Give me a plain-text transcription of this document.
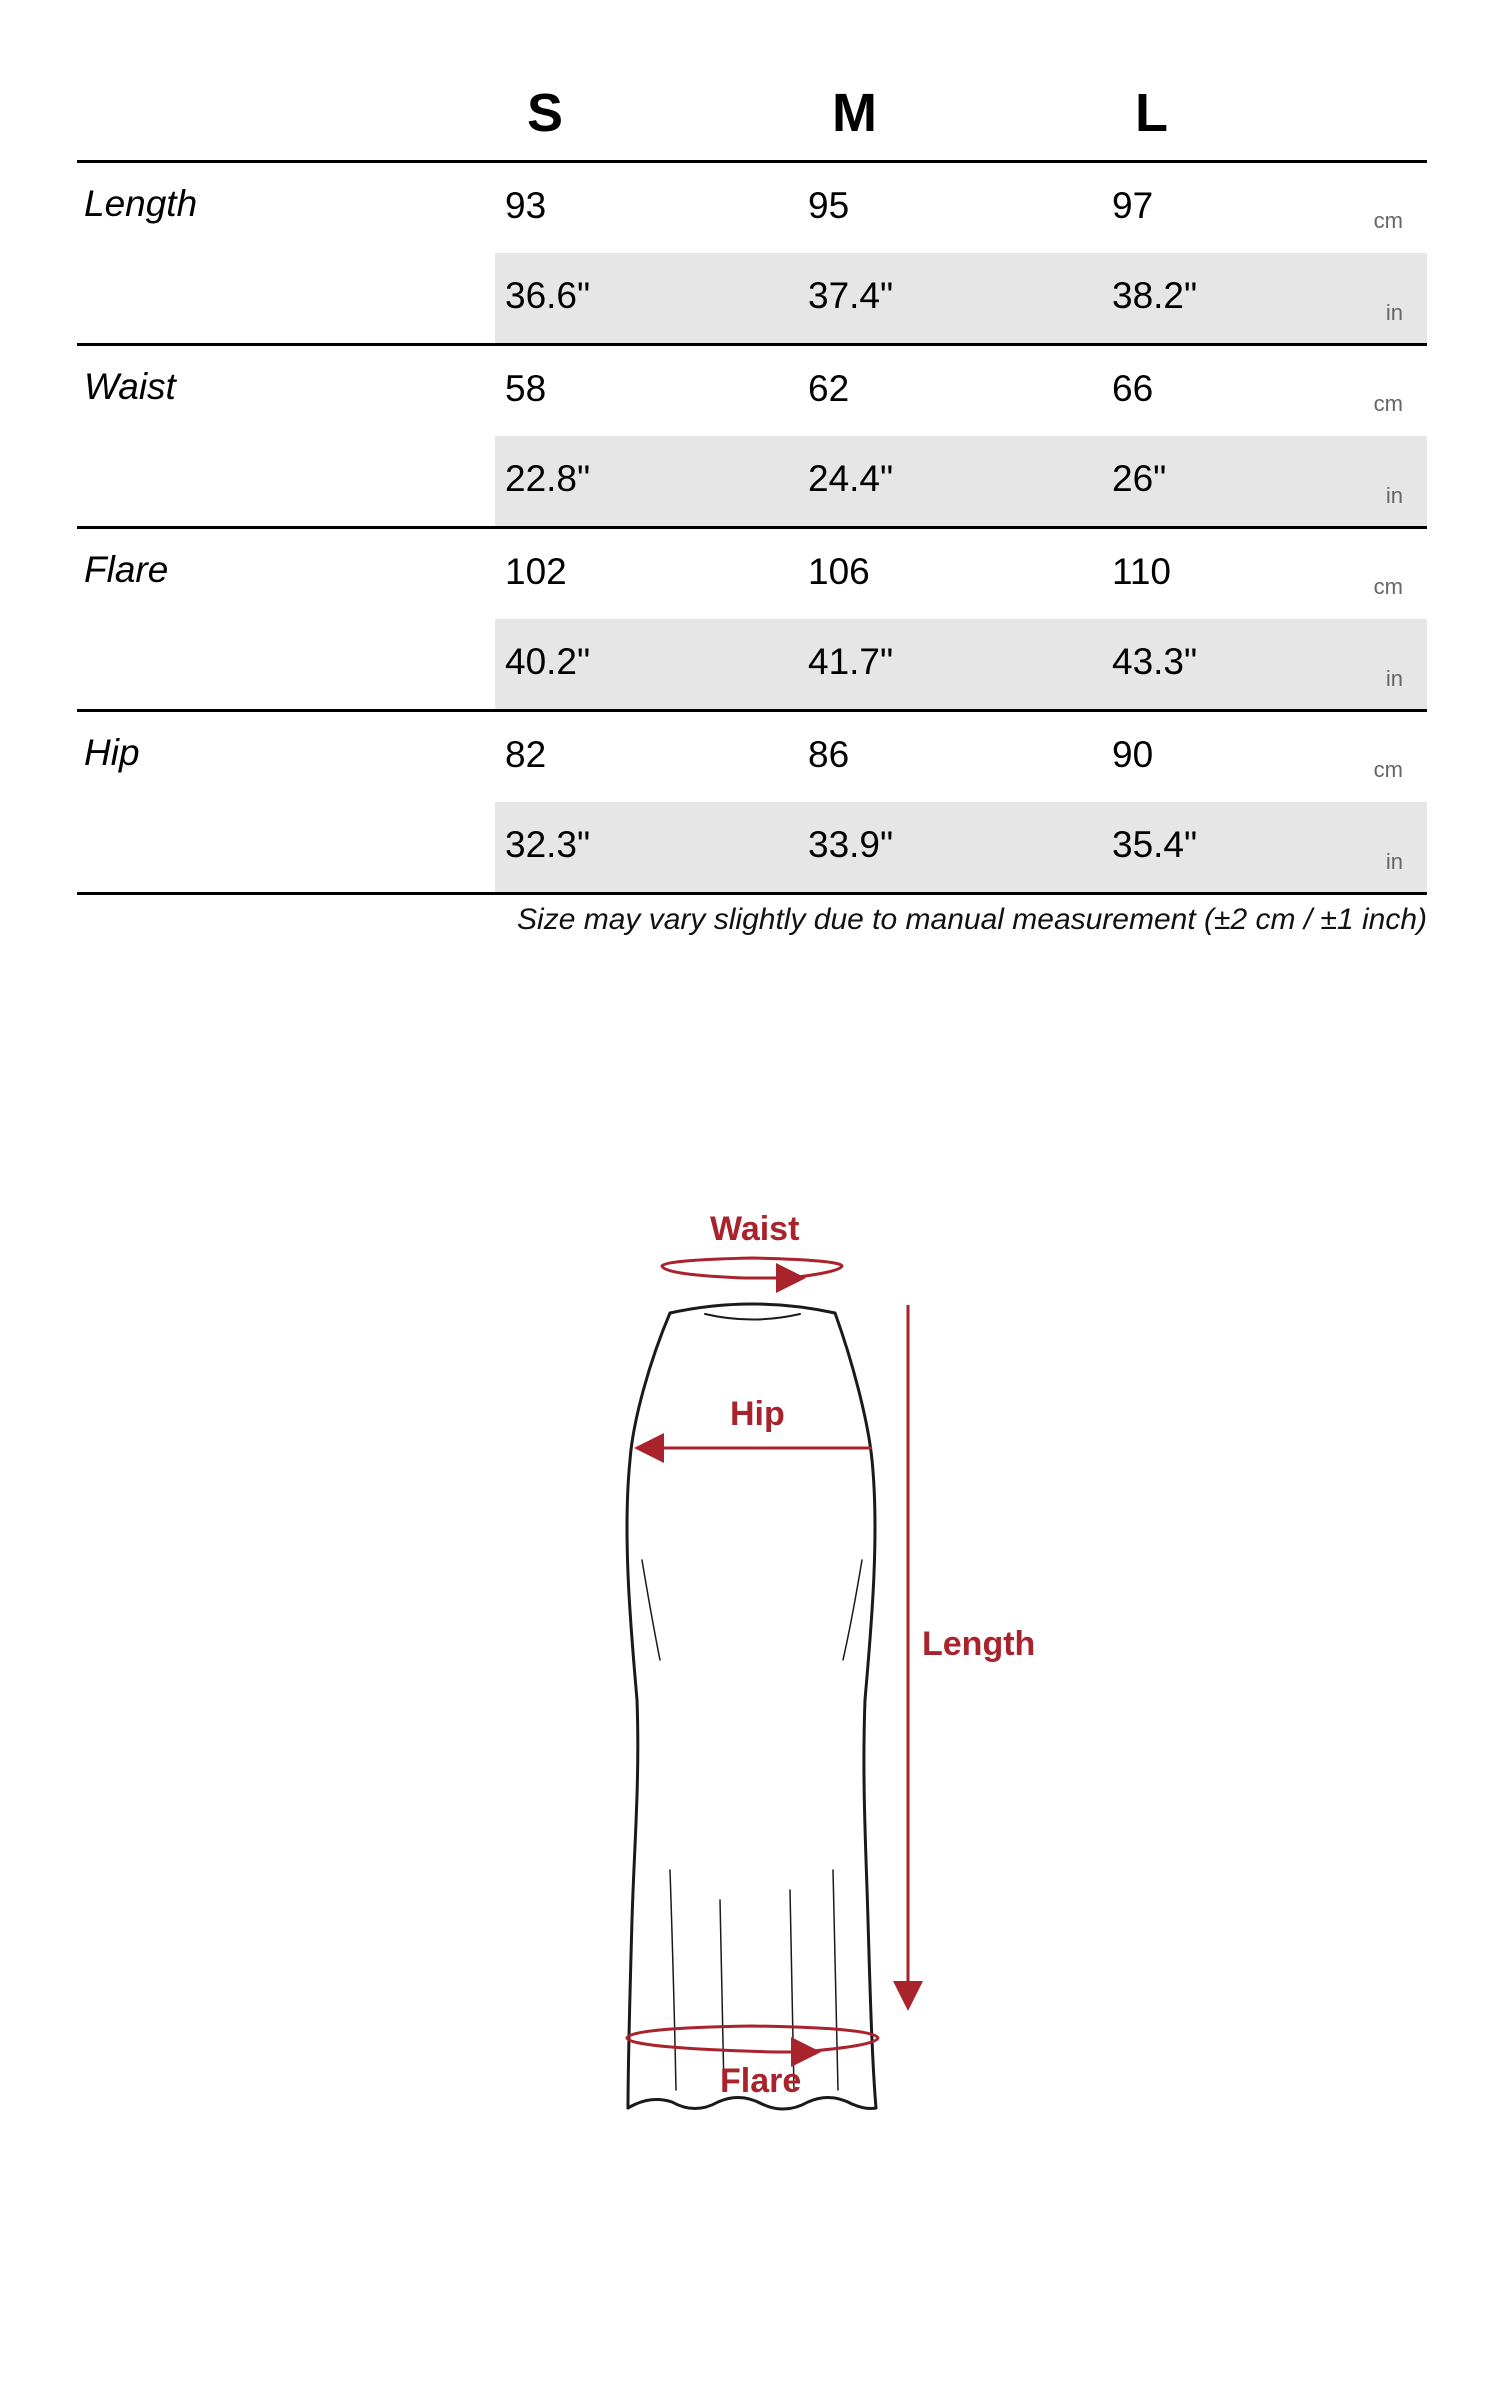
S	M	L
Length	93	95	97	cm
36.6"	37.4"	38.2"	in
Waist	58	62	66	cm
22.8"	24.4"	26"	in
Flare	102	106	110	cm
40.2"	41.7"	43.3"	in
Hip	82	86	90	cm
32.3"	33.9"	35.4"	in
Size may vary slightly due to manual measurement (±2 cm / ±1 inch)
Waist
Hip
Length
Flare
